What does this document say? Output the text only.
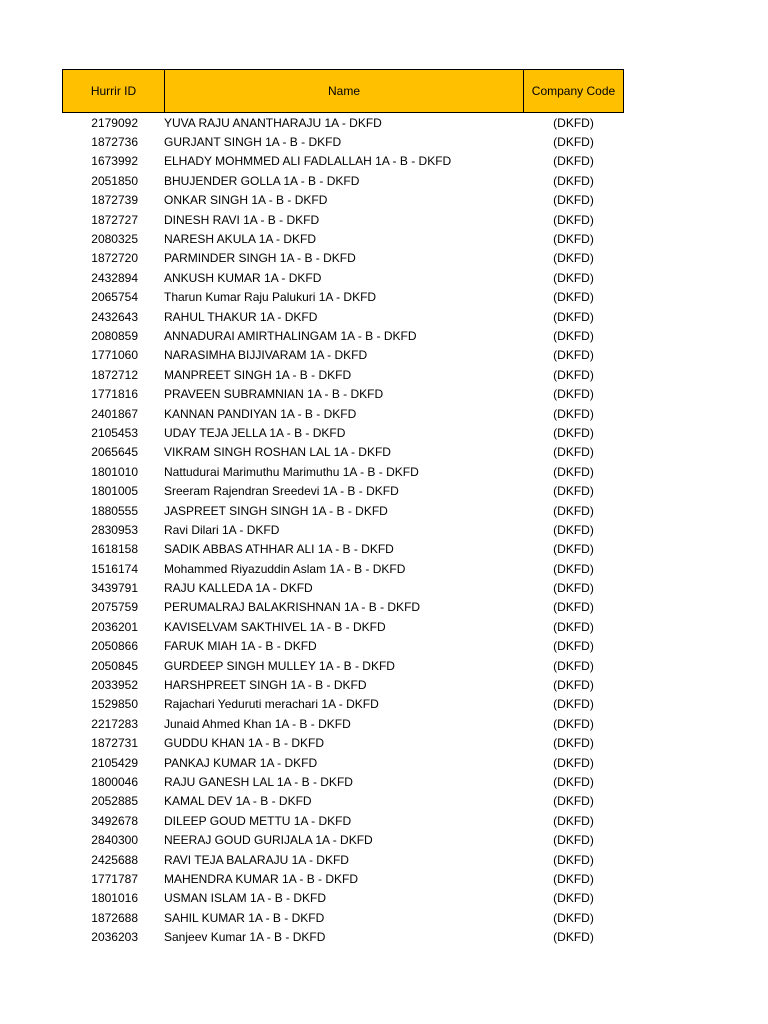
Hurrir ID	Name	Company Code
2179092	YUVA RAJU ANANTHARAJU 1A - DKFD	(DKFD)
1872736	GURJANT SINGH 1A - B - DKFD	(DKFD)
1673992	ELHADY MOHMMED ALI FADLALLAH 1A - B - DKFD	(DKFD)
2051850	BHUJENDER GOLLA 1A - B - DKFD	(DKFD)
1872739	ONKAR SINGH 1A - B - DKFD	(DKFD)
1872727	DINESH RAVI 1A - B - DKFD	(DKFD)
2080325	NARESH AKULA 1A - DKFD	(DKFD)
1872720	PARMINDER SINGH 1A - B - DKFD	(DKFD)
2432894	ANKUSH KUMAR 1A - DKFD	(DKFD)
2065754	Tharun Kumar Raju Palukuri 1A - DKFD	(DKFD)
2432643	RAHUL THAKUR 1A - DKFD	(DKFD)
2080859	ANNADURAI AMIRTHALINGAM 1A - B - DKFD	(DKFD)
1771060	NARASIMHA BIJJIVARAM 1A - DKFD	(DKFD)
1872712	MANPREET SINGH 1A - B - DKFD	(DKFD)
1771816	PRAVEEN SUBRAMNIAN 1A - B - DKFD	(DKFD)
2401867	KANNAN PANDIYAN 1A - B - DKFD	(DKFD)
2105453	UDAY TEJA JELLA 1A - B - DKFD	(DKFD)
2065645	VIKRAM SINGH ROSHAN LAL 1A - DKFD	(DKFD)
1801010	Nattudurai Marimuthu Marimuthu 1A - B - DKFD	(DKFD)
1801005	Sreeram Rajendran Sreedevi 1A - B - DKFD	(DKFD)
1880555	JASPREET SINGH SINGH 1A - B - DKFD	(DKFD)
2830953	Ravi Dilari 1A - DKFD	(DKFD)
1618158	SADIK ABBAS ATHHAR ALI 1A - B - DKFD	(DKFD)
1516174	Mohammed Riyazuddin Aslam 1A - B - DKFD	(DKFD)
3439791	RAJU KALLEDA 1A - DKFD	(DKFD)
2075759	PERUMALRAJ BALAKRISHNAN 1A - B - DKFD	(DKFD)
2036201	KAVISELVAM SAKTHIVEL 1A - B - DKFD	(DKFD)
2050866	FARUK MIAH 1A - B - DKFD	(DKFD)
2050845	GURDEEP SINGH MULLEY 1A - B - DKFD	(DKFD)
2033952	HARSHPREET SINGH 1A - B - DKFD	(DKFD)
1529850	Rajachari Yeduruti merachari 1A - DKFD	(DKFD)
2217283	Junaid Ahmed Khan 1A - B - DKFD	(DKFD)
1872731	GUDDU KHAN 1A - B - DKFD	(DKFD)
2105429	PANKAJ KUMAR 1A - DKFD	(DKFD)
1800046	RAJU GANESH LAL 1A - B - DKFD	(DKFD)
2052885	KAMAL DEV 1A - B - DKFD	(DKFD)
3492678	DILEEP GOUD METTU 1A - DKFD	(DKFD)
2840300	NEERAJ GOUD GURIJALA 1A - DKFD	(DKFD)
2425688	RAVI TEJA BALARAJU 1A - DKFD	(DKFD)
1771787	MAHENDRA KUMAR 1A - B - DKFD	(DKFD)
1801016	USMAN ISLAM 1A - B - DKFD	(DKFD)
1872688	SAHIL KUMAR 1A - B - DKFD	(DKFD)
2036203	Sanjeev Kumar 1A - B - DKFD	(DKFD)
